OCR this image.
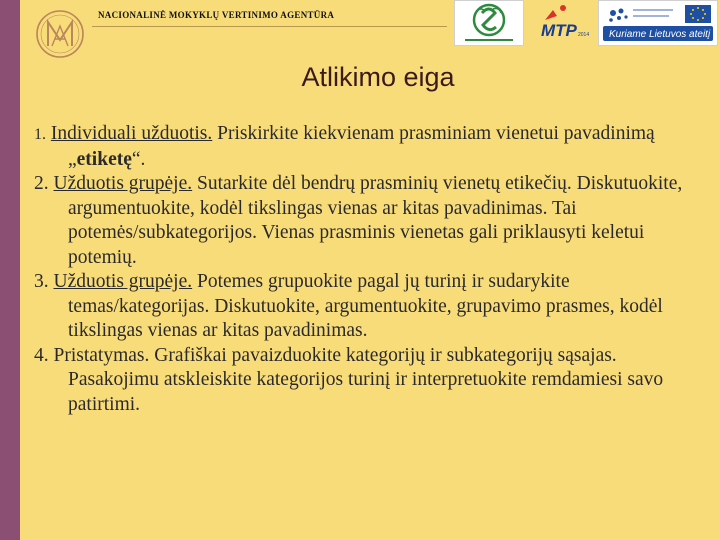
NACIONALINĖ MOKYKLŲ VERTINIMO AGENTŪRA
MTP 2014 Kuriame Lietuvos ateitį
Atlikimo eiga

1. Individuali užduotis. Priskirkite kiekvienam prasminiam vienetui pavadinimą „etiketę“.

2. Užduotis grupėje. Sutarkite dėl bendrų prasminių vienetų etikečių. Diskutuokite, argumentuokite, kodėl tikslingas vienas ar kitas pavadinimas. Tai potemės/subkategorijos. Vienas prasminis vienetas gali priklausyti keletui potemių.

3. Užduotis grupėje. Potemes grupuokite pagal jų turinį ir sudarykite temas/kategorijas. Diskutuokite, argumentuokite, grupavimo prasmes, kodėl tikslingas vienas ar kitas pavadinimas.

4. Pristatymas. Grafiškai pavaizduokite kategorijų ir subkategorijų sąsajas. Pasakojimu atskleiskite kategorijos turinį ir interpretuokite remdamiesi savo patirtimi.
